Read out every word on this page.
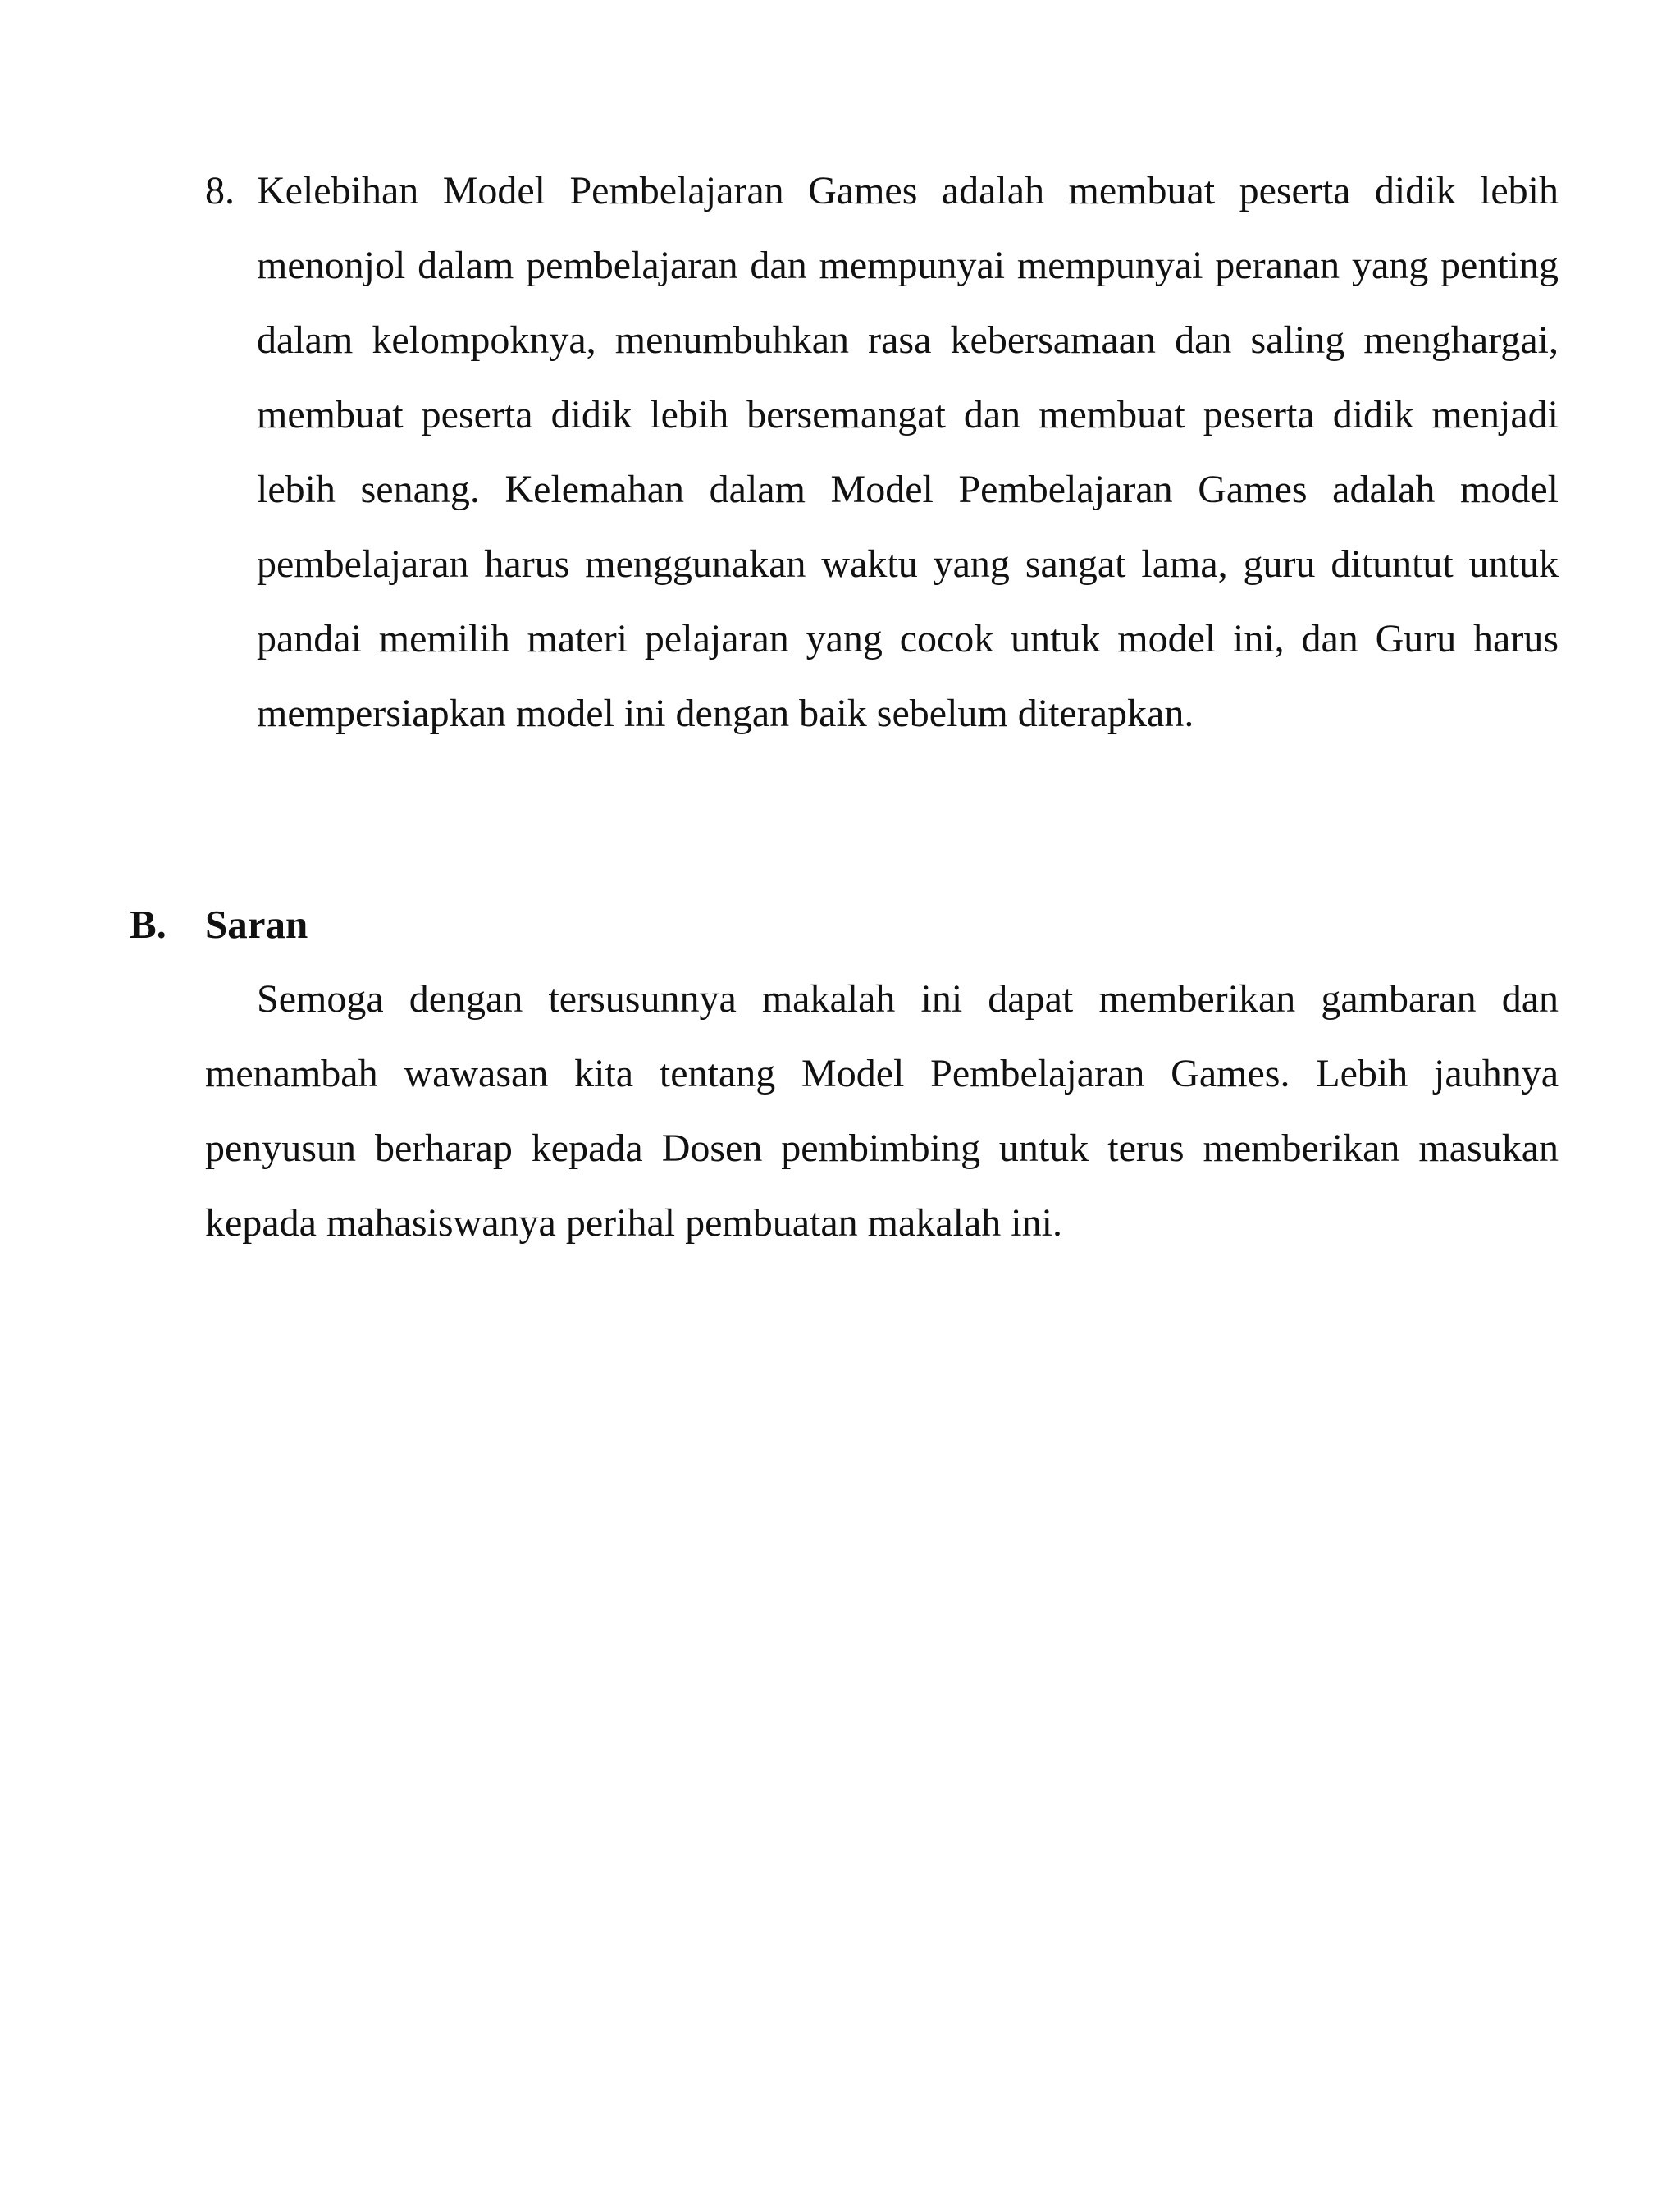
8. Kelebihan Model Pembelajaran Games adalah membuat peserta didik lebih menonjol dalam pembelajaran dan mempunyai mempunyai peranan yang penting dalam kelompoknya, menumbuhkan rasa kebersamaan dan saling menghargai, membuat peserta didik lebih bersemangat dan membuat peserta didik menjadi lebih senang. Kelemahan dalam Model Pembelajaran Games adalah model pembelajaran harus menggunakan waktu yang sangat lama, guru dituntut untuk pandai memilih materi pelajaran yang cocok untuk model ini, dan Guru harus mempersiapkan model ini dengan baik sebelum diterapkan.

B. Saran

Semoga dengan tersusunnya makalah ini dapat memberikan gambaran dan menambah wawasan kita tentang Model Pembelajaran Games. Lebih jauhnya penyusun berharap kepada Dosen pembimbing untuk terus memberikan masukan kepada mahasiswanya perihal pembuatan makalah ini.
